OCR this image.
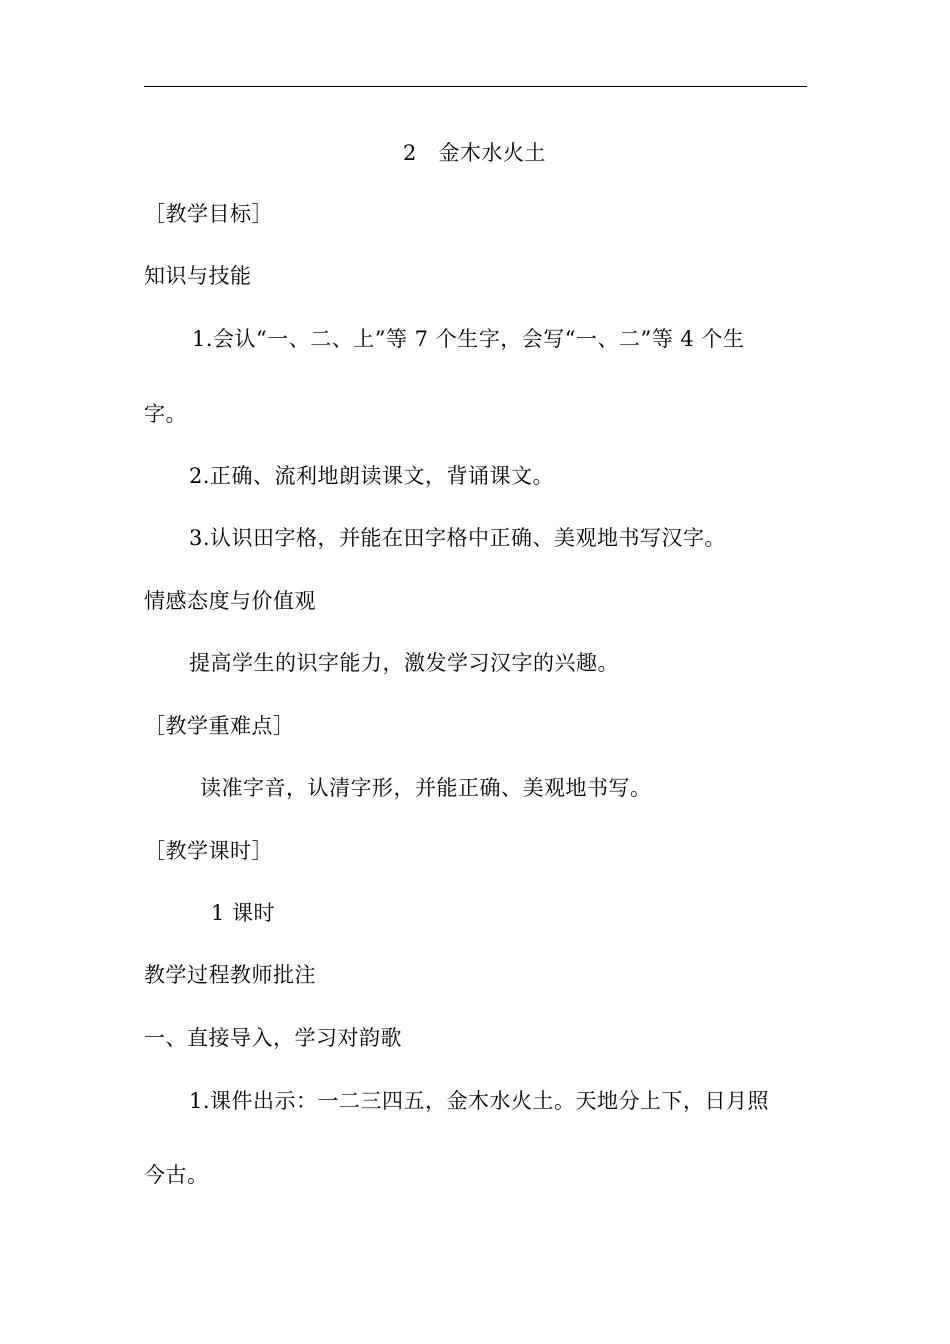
2　金木水火土
［教学目标］
知识与技能
1.会认“一、二、上”等 7 个生字，会写“一、二”等 4 个生
字。
2.正确、流利地朗读课文，背诵课文。
3.认识田字格，并能在田字格中正确、美观地书写汉字。
情感态度与价值观
提高学生的识字能力，激发学习汉字的兴趣。
［教学重难点］
读准字音，认清字形，并能正确、美观地书写。
［教学课时］
1 课时
教学过程教师批注
一、直接导入，学习对韵歌
1.课件出示：一二三四五，金木水火土。天地分上下，日月照
今古。
